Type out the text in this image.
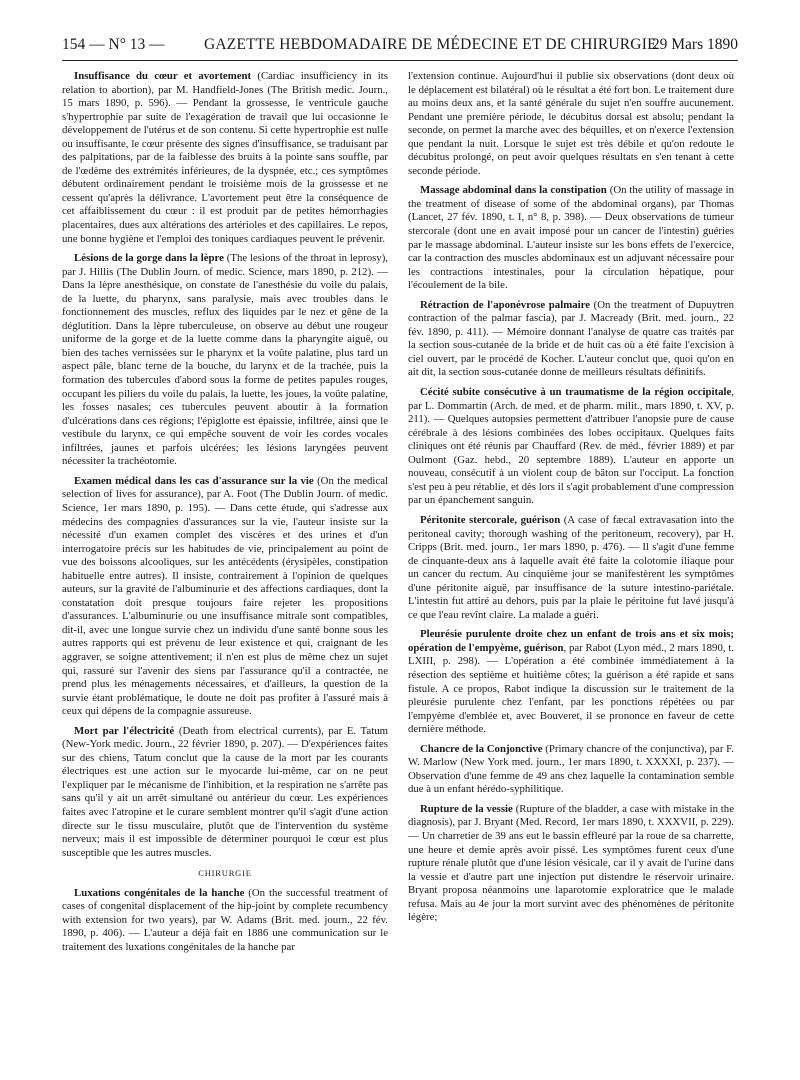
154 — N° 13 —	GAZETTE HEBDOMADAIRE DE MÉDECINE ET DE CHIRURGIE
29 Mars 1890

Insuffisance du cœur et avortement (Cardiac insufficiency in its relation to abortion), par M. Handfield-Jones (The British medic. Journ., 15 mars 1890, p. 596). — Pendant la grossesse, le ventricule gauche s'hypertrophie par suite de l'exagération de travail que lui occasionne le développement de l'utérus et de son contenu. Si cette hypertrophie est nulle ou insuffisante, le cœur présente des signes d'insuffisance, se traduisant par des palpitations, par de la faiblesse des bruits à la pointe sans souffle, par de l'œdème des extrémités inférieures, de la dyspnée, etc.; ces symptômes débutent ordinairement pendant le troisième mois de la grossesse et ne cessent qu'après la délivrance. L'avortement peut être la conséquence de cet affaiblissement du cœur : il est produit par de petites hémorrhagies placentaires, dues aux altérations des artérioles et des capillaires. Le repos, une bonne hygiène et l'emploi des toniques cardiaques peuvent le prévenir.

Lésions de la gorge dans la lèpre (The lesions of the throat in leprosy), par J. Hillis (The Dublin Journ. of medic. Science, mars 1890, p. 212). — Dans la lèpre anesthésique, on constate de l'anesthésie du voile du palais, de la luette, du pharynx, sans paralysie, mais avec troubles dans le fonctionnement des muscles, reflux des liquides par le nez et gêne de la déglutition. Dans la lèpre tuberculeuse, on observe au début une rougeur uniforme de la gorge et de la luette comme dans la pharyngite aiguë, ou bien des taches vernissées sur le pharynx et la voûte palatine, plus tard un aspect pâle, blanc terne de la bouche, du larynx et de la trachée, puis la formation des tubercules d'abord sous la forme de petites papules rouges, occupant les piliers du voile du palais, la luette, les joues, la voûte palatine, les fosses nasales; ces tubercules peuvent aboutir à la formation d'ulcérations dans ces régions; l'épiglotte est épaissie, infiltrée, ainsi que le vestibule du larynx, ce qui empêche souvent de voir les cordes vocales infiltrées, jaunes et parfois ulcérées; les lésions laryngées peuvent nécessiter la trachéotomie.

Examen médical dans les cas d'assurance sur la vie (On the medical selection of lives for assurance), par A. Foot (The Dublin Journ. of medic. Science, 1er mars 1890, p. 195). — Dans cette étude, qui s'adresse aux médecins des compagnies d'assurances sur la vie, l'auteur insiste sur la nécessité d'un examen complet des viscères et des urines et d'un interrogatoire précis sur les habitudes de vie, principalement au point de vue des boissons alcooliques, sur les antécédents (érysipèles, constipation habituelle entre autres). Il insiste, contrairement à l'opinion de quelques auteurs, sur la gravité de l'albuminurie et des affections cardiaques, dont la constatation doit presque toujours faire rejeter les propositions d'assurances. L'albuminurie ou une insuffisance mitrale sont compatibles, dit-il, avec une longue survie chez un individu d'une santé bonne sous les autres rapports qui est prévenu de leur existence et qui, craignant de les aggraver, se soigne attentivement; il n'en est plus de même chez un sujet qui, rassuré sur l'avenir des siens par l'assurance qu'il a contractée, ne prend plus les ménagements nécessaires, et d'ailleurs, la question de la survie étant problématique, le doute ne doit pas profiter à l'assuré mais à ceux qui dépens de la compagnie assureuse.

Mort par l'électricité (Death from electrical currents), par E. Tatum (New-York medic. Journ., 22 février 1890, p. 207). — D'expériences faites sur des chiens, Tatum conclut que la cause de la mort par les courants électriques est une action sur le myocarde lui-même, car on ne peut l'expliquer par le mécanisme de l'inhibition, et la respiration ne s'arrête pas sans qu'il y ait un arrêt simultané ou antérieur du cœur. Les expériences faites avec l'atropine et le curare semblent montrer qu'il s'agit d'une action directe sur le tissu musculaire, plutôt que de l'intervention du système nerveux; mais il est impossible de déterminer pourquoi le cœur est plus susceptible que les autres muscles.

CHIRURGIE

Luxations congénitales de la hanche (On the successful treatment of cases of congenital displacement of the hip-joint by complete recumbency with extension for two years), par W. Adams (Brit. med. journ., 22 fév. 1890, p. 406). — L'auteur a déjà fait en 1886 une communication sur le traitement des luxations congénitales de la hanche par

l'extension continue. Aujourd'hui il publie six observations (dont deux où le déplacement est bilatéral) où le résultat a été fort bon. Le traitement dure au moins deux ans, et la santé générale du sujet n'en souffre aucunement. Pendant une première période, le décubitus dorsal est absolu; pendant la seconde, on permet la marche avec des béquilles, et on n'exerce l'extension que pendant la nuit. Lorsque le sujet est très débile et qu'on redoute le décubitus prolongé, on peut avoir quelques résultats en s'en tenant à cette seconde période.

Massage abdominal dans la constipation (On the utility of massage in the treatment of disease of some of the abdominal organs), par Thomas (Lancet, 27 fév. 1890, t. I, n° 8, p. 398). — Deux observations de tumeur stercorale (dont une en avait imposé pour un cancer de l'intestin) guéries par le massage abdominal. L'auteur insiste sur les bons effets de l'exercice, car la contraction des muscles abdominaux est un adjuvant nécessaire pour les contractions intestinales, pour la circulation hépatique, pour l'écoulement de la bile.

Rétraction de l'aponévrose palmaire (On the treatment of Dupuytren contraction of the palmar fascia), par J. Macready (Brit. med. journ., 22 fév. 1890, p. 411). — Mémoire donnant l'analyse de quatre cas traités par la section sous-cutanée de la bride et de huit cas où a été faite l'excision à ciel ouvert, par le procédé de Kocher. L'auteur conclut que, quoi qu'on en ait dit, la section sous-cutanée donne de meilleurs résultats définitifs.

Cécité subite consécutive à un traumatisme de la région occipitale, par L. Dommartin (Arch. de med. et de pharm. milit., mars 1890, t. XV, p. 211). — Quelques autopsies permettent d'attribuer l'anopsie pure de cause cérébrale à des lésions combinées des lobes occipitaux. Quelques faits cliniques ont été réunis par Chauffard (Rev. de méd., février 1889) et par Oulmont (Gaz. hebd., 20 septembre 1889). L'auteur en apporte un nouveau, consécutif à un violent coup de bâton sur l'occiput. La fonction s'est peu à peu rétablie, et dès lors il s'agit probablement d'une compression par un épanchement sanguin.

Péritonite stercorale, guérison (A case of fæcal extravasation into the peritoneal cavity; thorough washing of the peritoneum, recovery), par H. Cripps (Brit. med. journ., 1er mars 1890, p. 476). — Il s'agit d'une femme de cinquante-deux ans à laquelle avait été faite la colotomie iliaque pour un cancer du rectum. Au cinquième jour se manifestèrent les symptômes d'une péritonite aiguë, par insuffisance de la suture intestino-pariétale. L'intestin fut attiré au dehors, puis par la plaie le péritoine fut lavé jusqu'à ce que l'eau revînt claire. La malade a guéri.

Pleurésie purulente droite chez un enfant de trois ans et six mois; opération de l'empyème, guérison, par Rabot (Lyon méd., 2 mars 1890, t. LXIII, p. 298). — L'opération a été combinée immédiatement à la résection des septième et huitième côtes; la guérison a été rapide et sans fistule. A ce propos, Rabot indique la discussion sur le traitement de la pleurésie purulente chez l'enfant, par les ponctions répétées ou par l'empyème d'emblée et, avec Bouveret, il se prononce en faveur de cette dernière méthode.

Chancre de la Conjonctive (Primary chancre of the conjunctiva), par F. W. Marlow (New York med. journ., 1er mars 1890, t. XXXXI, p. 237). — Observation d'une femme de 49 ans chez laquelle la contamination semble due à un enfant hérédo-syphilitique.

Rupture de la vessie (Rupture of the bladder, a case with mistake in the diagnosis), par J. Bryant (Med. Record, 1er mars 1890, t. XXXVII, p. 229). — Un charretier de 39 ans eut le bassin effleuré par la roue de sa charrette, une heure et demie après avoir pissé. Les symptômes furent ceux d'une rupture rénale plutôt que d'une lésion vésicale, car il y avait de l'urine dans la vessie et d'autre part une injection put distendre le réservoir urinaire. Bryant proposa néanmoins une laparotomie exploratrice que le malade refusa. Mais au 4e jour la mort survint avec des phénomènes de péritonite légère;
